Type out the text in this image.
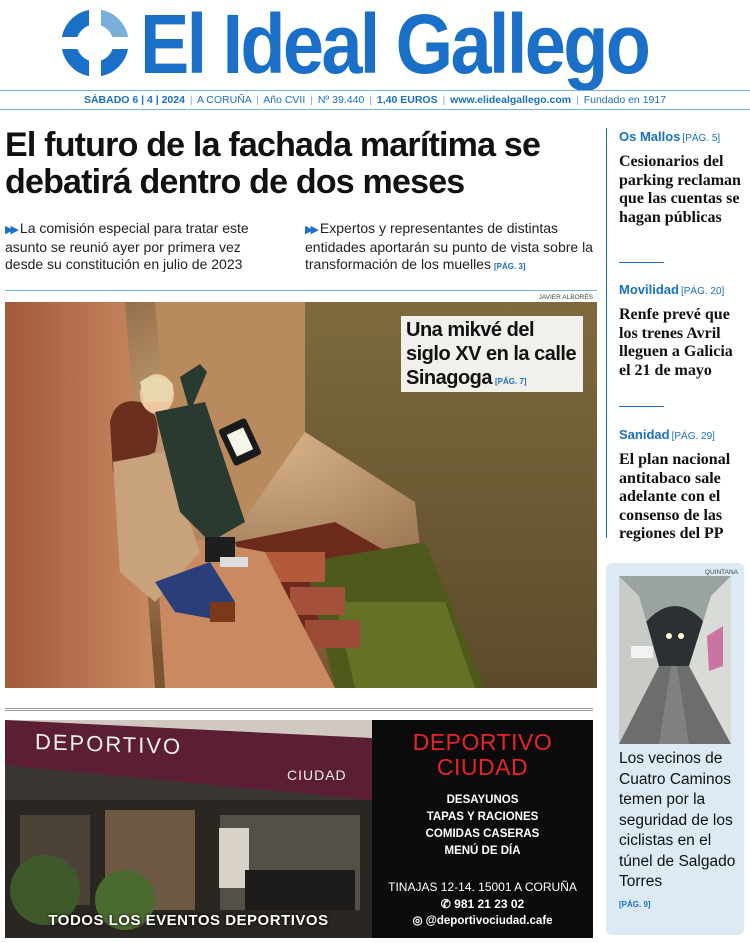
El Ideal Gallego
SÁBADO 6 | 4 | 2024 | A CORUÑA | Año CVII | Nº 39.440 | 1,40 EUROS | www.elidealgallego.com | Fundado en 1917
El futuro de la fachada marítima se debatirá dentro de dos meses
▶▶ La comisión especial para tratar este asunto se reunió ayer por primera vez desde su constitución en julio de 2023
▶▶ Expertos y representantes de distintas entidades aportarán su punto de vista sobre la transformación de los muelles [PÁG. 3]
JAVIER ALBORÉS
Una mikvé del siglo XV en la calle Sinagoga [PÁG. 7]
DEPORTIVO
CIUDAD
TODOS LOS EVENTOS DEPORTIVOS
DEPORTIVO CIUDAD
DESAYUNOS
TAPAS Y RACIONES
COMIDAS CASERAS
MENÚ DE DÍA
TINAJAS 12-14. 15001 A CORUÑA
✆ 981 21 23 02
◎ @deportivociudad.cafe
Os Mallos [PÁG. 5]
Cesionarios del parking reclaman que las cuentas se hagan públicas
Movilidad [PÁG. 20]
Renfe prevé que los trenes Avril lleguen a Galicia el 21 de mayo
Sanidad [PÁG. 29]
El plan nacional antitabaco sale adelante con el consenso de las regiones del PP
QUINTANA
Los vecinos de Cuatro Caminos temen por la seguridad de los ciclistas en el túnel de Salgado Torres
[PÁG. 9]
